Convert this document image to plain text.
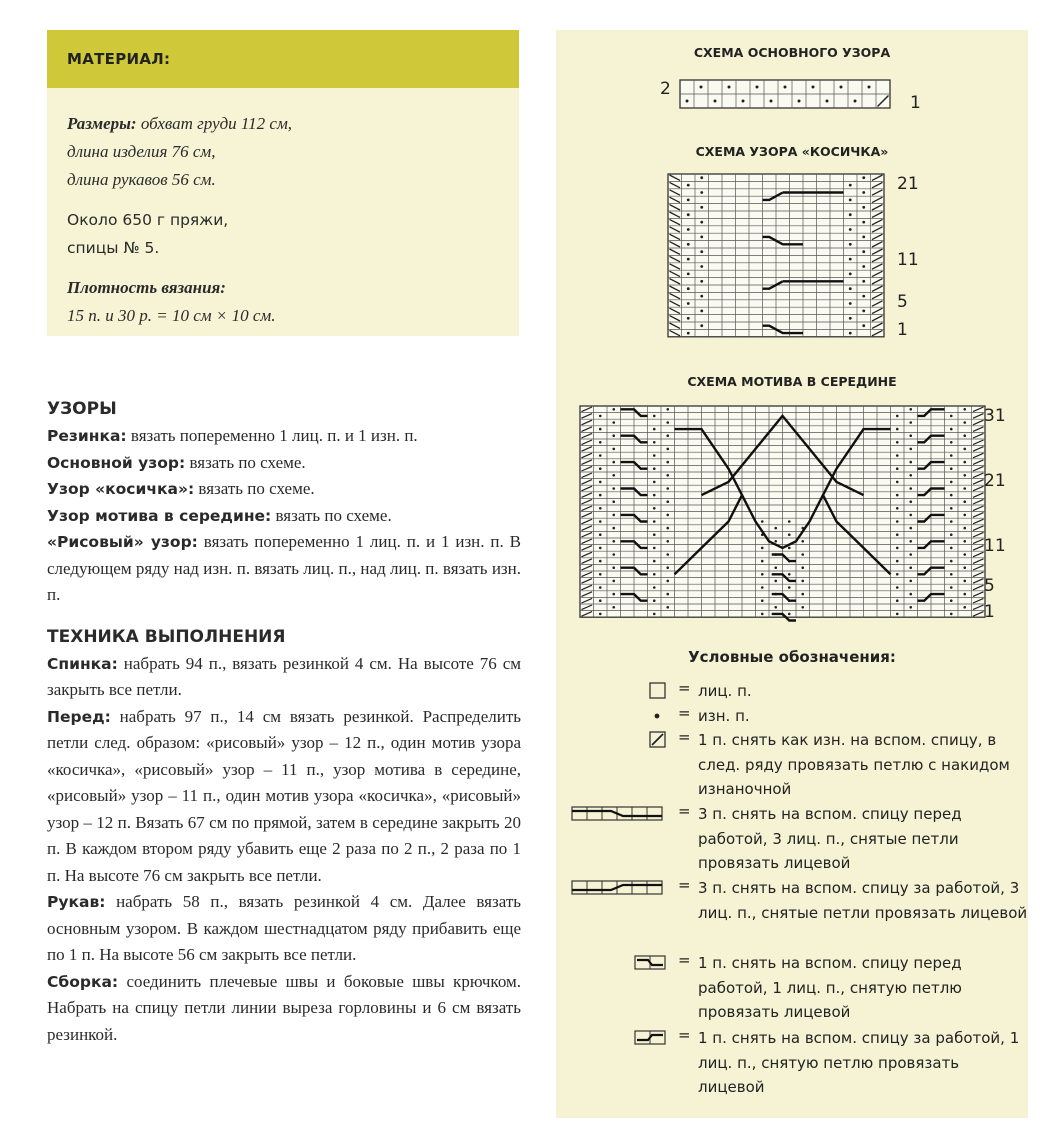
МАТЕРИАЛ:
Размеры: обхват груди 112 см,
длина изделия 76 см,
длина рукавов 56 см.
Около 650 г пряжи,
спицы № 5.
Плотность вязания:
15 п. и 30 р. = 10 см × 10 см.
УЗОРЫ

Резинка: вязать попеременно 1 лиц. п. и 1 изн. п.

Основной узор: вязать по схеме.

Узор «косичка»: вязать по схеме.

Узор мотива в середине: вязать по схеме.

«Рисовый» узор: вязать попеременно 1 лиц. п. и 1 изн. п. В следующем ряду над изн. п. вязать лиц. п., над лиц. п. вязать изн. п.

ТЕХНИКА ВЫПОЛНЕНИЯ

Спинка: набрать 94 п., вязать резинкой 4 см. На высоте 76 см закрыть все петли.

Перед: набрать 97 п., 14 см вязать резинкой. Распределить петли след. образом: «рисовый» узор – 12 п., один мотив узора «косичка», «рисовый» узор – 11 п., узор мотива в середине, «рисовый» узор – 11 п., один мотив узора «косичка», «рисовый» узор – 12 п. Вязать 67 см по прямой, затем в середине закрыть 20 п. В каждом втором ряду убавить еще 2 раза по 2 п., 2 раза по 1 п. На высоте 76 см закрыть все петли.

Рукав: набрать 58 п., вязать резинкой 4 см. Далее вязать основным узором. В каждом шестнадцатом ряду прибавить еще по 1 п. На высоте 56 см закрыть все петли.

Сборка: соединить плечевые швы и боковые швы крючком. Набрать на спицу петли линии выреза горловины и 6 см вязать резинкой.

СХЕМА ОСНОВНОГО УЗОРА
2
1
СХЕМА УЗОРА «КОСИЧКА»
21
11
5
1
СХЕМА МОТИВА В СЕРЕДИНЕ
31
21
11
5
1
Условные обозначения:
= лиц. п.
= изн. п.
= 1 п. снять как изн. на вспом. спицу, в след. ряду провязать петлю с накидом изнаночной
= 3 п. снять на вспом. спицу перед работой, 3 лиц. п., снятые петли провязать лицевой
= 3 п. снять на вспом. спицу за работой, 3 лиц. п., снятые петли провязать лицевой
= 1 п. снять на вспом. спицу перед работой, 1 лиц. п., снятую петлю провязать лицевой
= 1 п. снять на вспом. спицу за работой, 1 лиц. п., снятую петлю провязать лицевой
